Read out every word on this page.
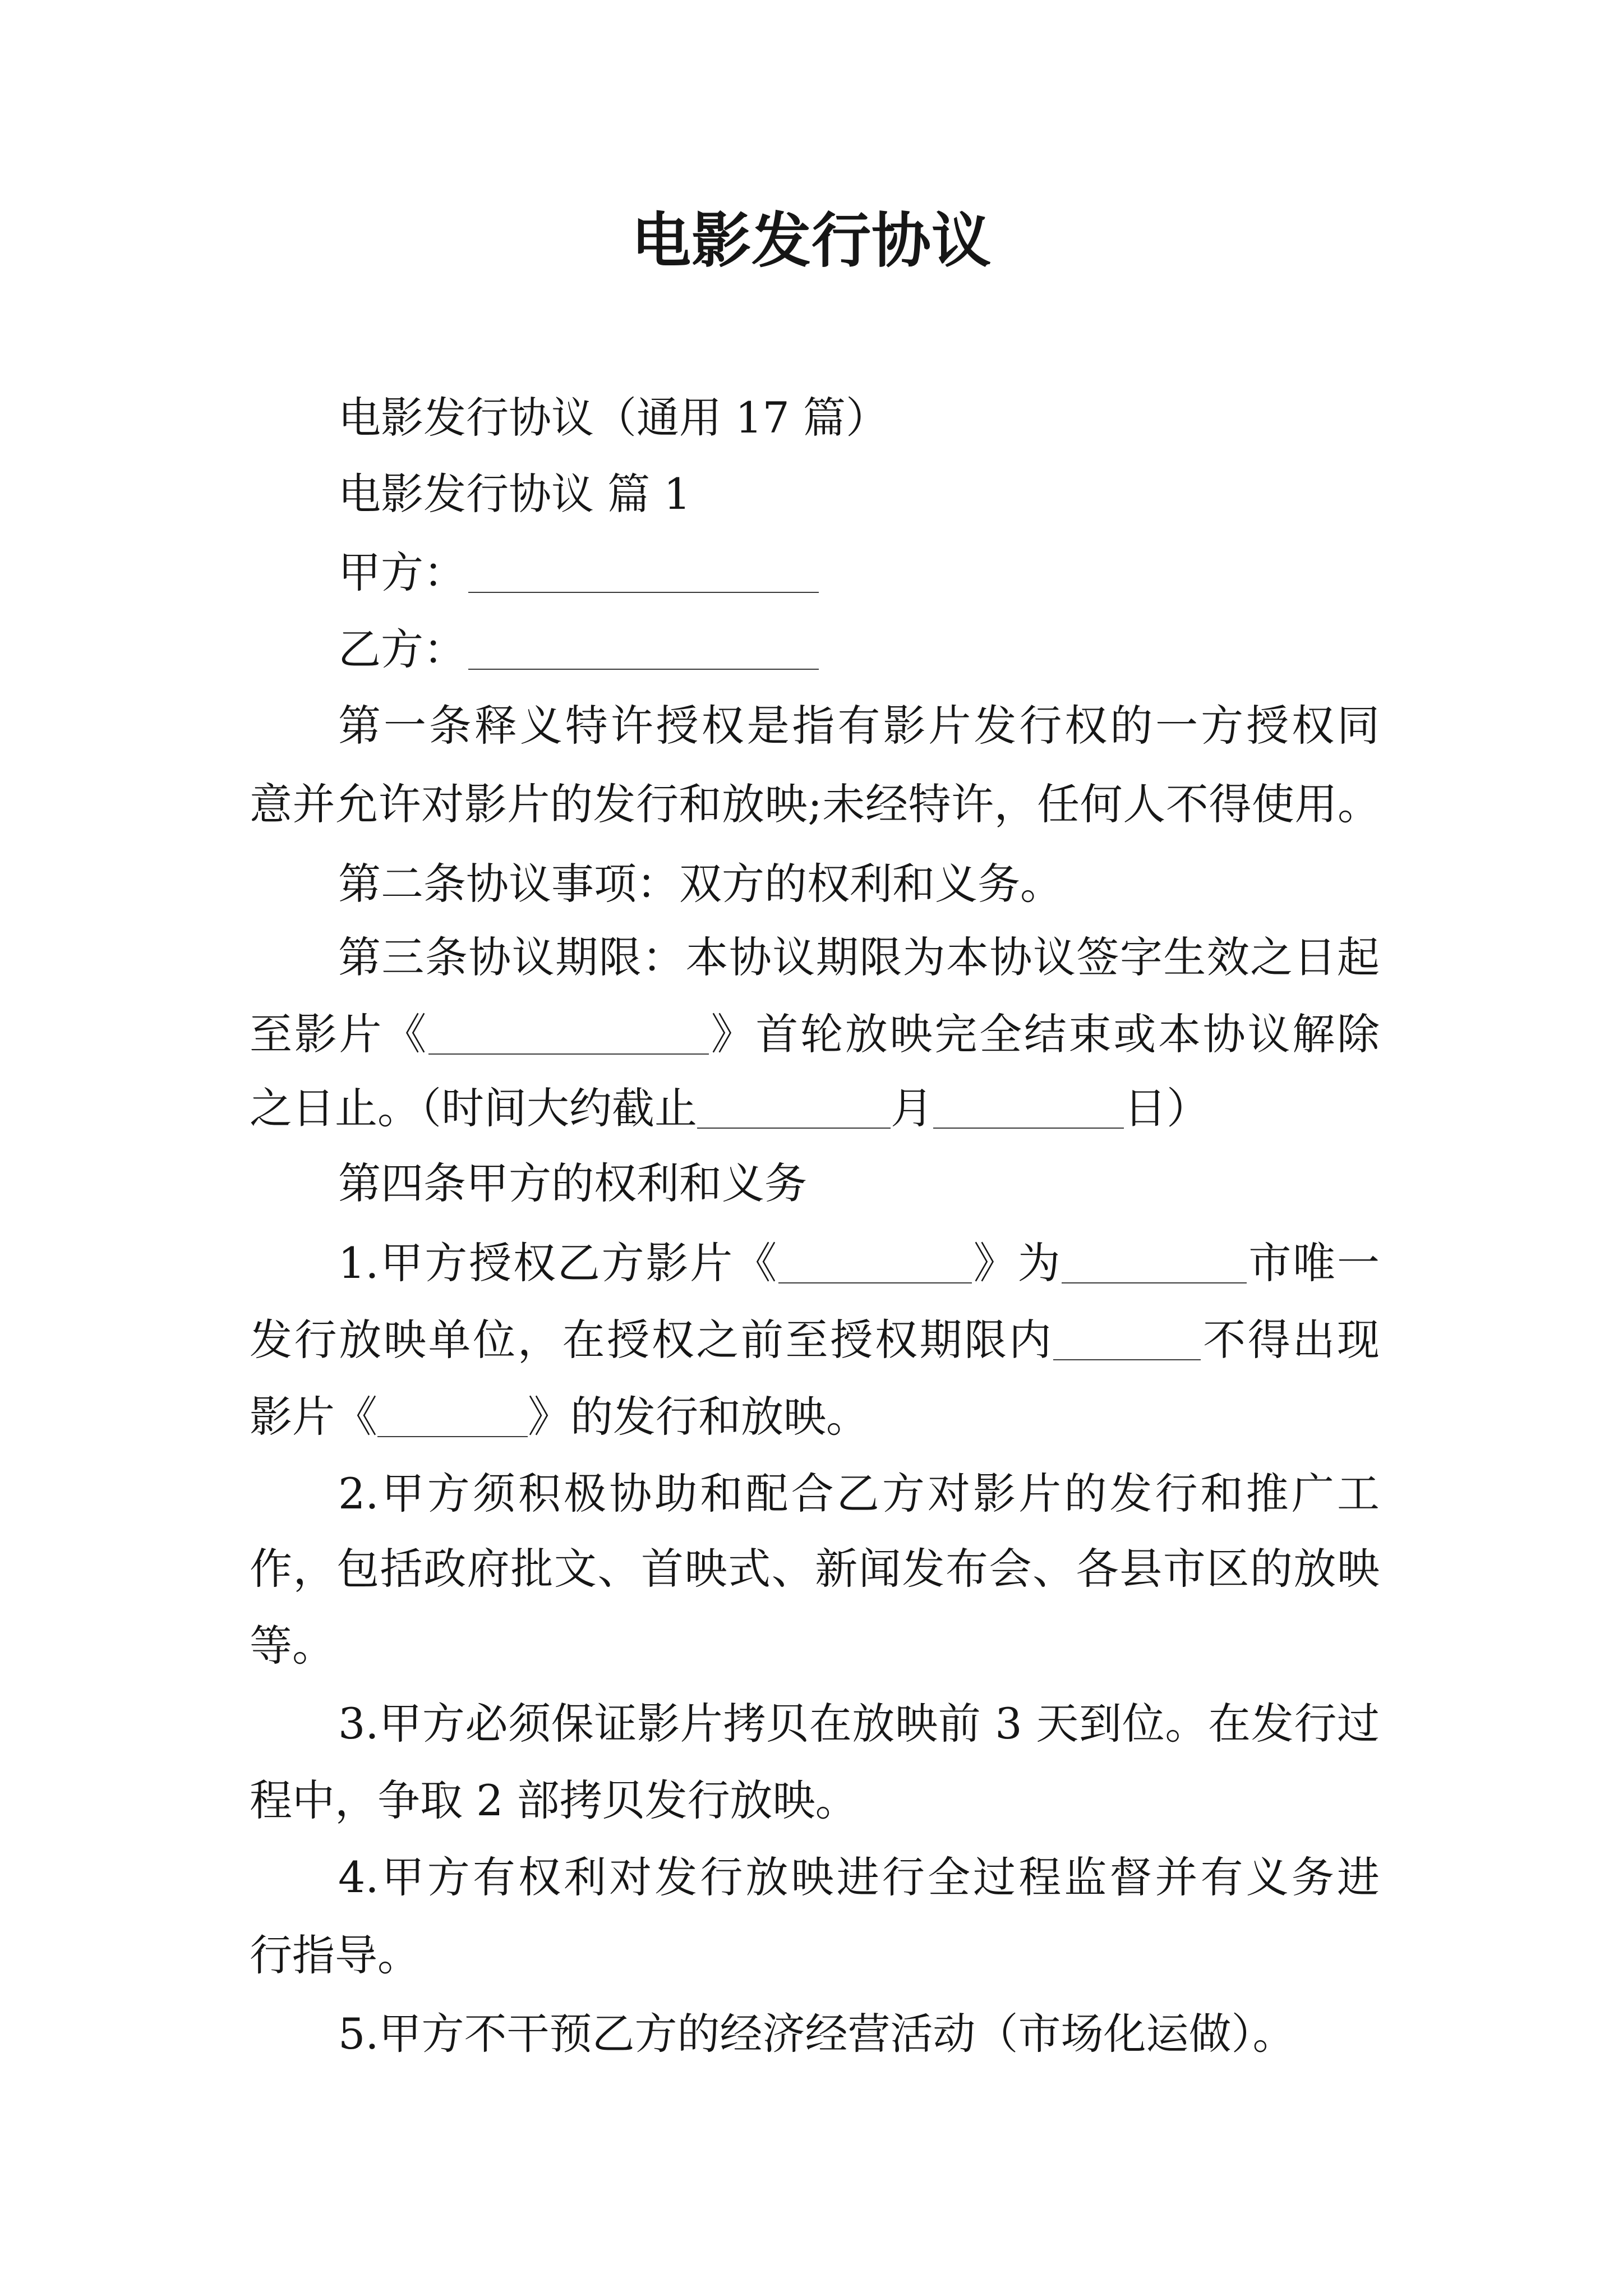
电影发行协议
电影发行协议（通用 17 篇）
电影发行协议 篇 1
甲方：
乙方：
第一条释义特许授权是指有影片发行权的一方授权同
意并允许对影片的发行和放映;未经特许，任何人不得使用。
第二条协议事项：双方的权利和义务。
第三条协议期限：本协议期限为本协议签字生效之日起
至影片《	》首轮放映完全结束或本协议解除
之日止。（时间大约截止	月	日）
第四条甲方的权利和义务
1.甲方授权乙方影片《	》为	市唯一
发行放映单位，在授权之前至授权期限内	不得出现
影片《	》的发行和放映。
2.甲方须积极协助和配合乙方对影片的发行和推广工
作，包括政府批文、首映式、新闻发布会、各县市区的放映
等。
3.甲方必须保证影片拷贝在放映前 3 天到位。在发行过
程中，争取 2 部拷贝发行放映。
4.甲方有权利对发行放映进行全过程监督并有义务进
行指导。
5.甲方不干预乙方的经济经营活动（市场化运做）。
